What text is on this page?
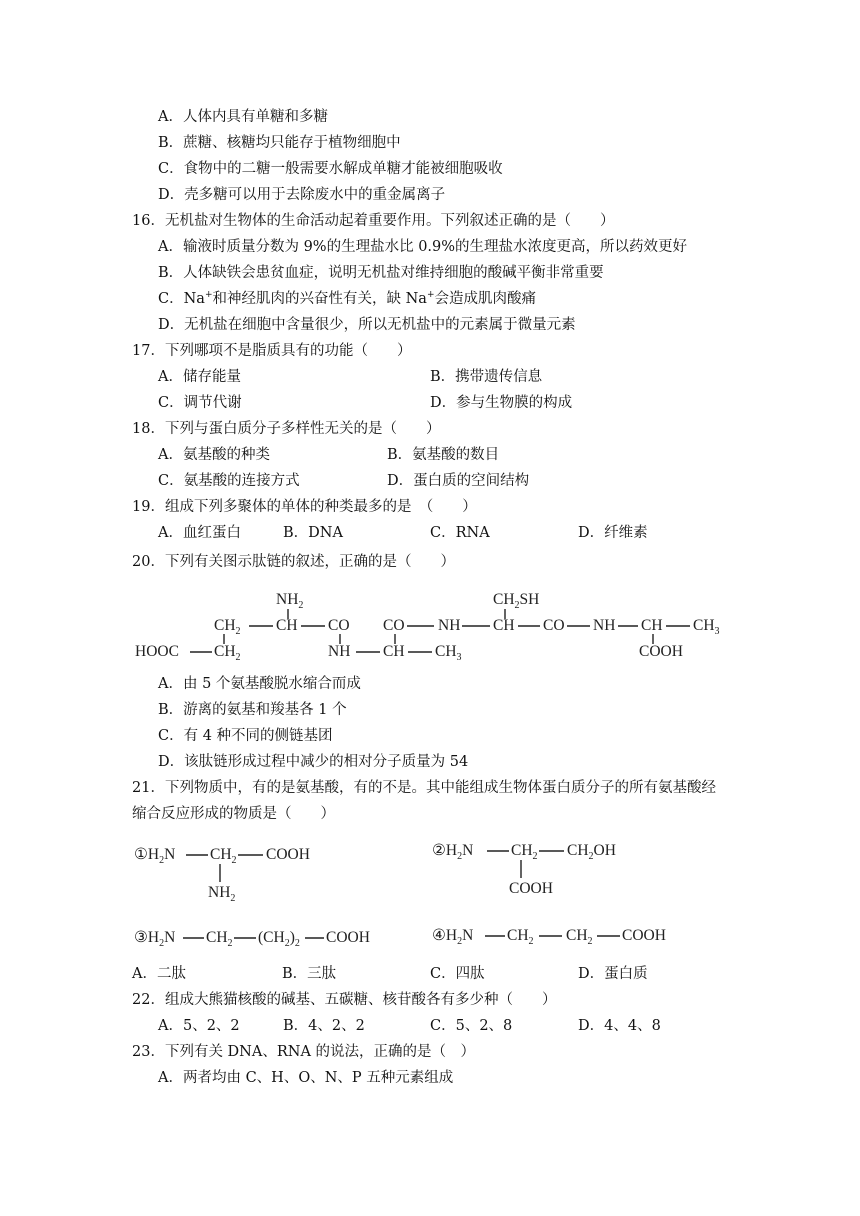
A．人体内具有单糖和多糖
B．蔗糖、核糖均只能存于植物细胞中
C．食物中的二糖一般需要水解成单糖才能被细胞吸收
D．壳多糖可以用于去除废水中的重金属离子
16．无机盐对生物体的生命活动起着重要作用。下列叙述正确的是（　　）
A．输液时质量分数为 9%的生理盐水比 0.9%的生理盐水浓度更高，所以药效更好
B．人体缺铁会患贫血症，说明无机盐对维持细胞的酸碱平衡非常重要
C．Na+和神经肌肉的兴奋性有关，缺 Na+会造成肌肉酸痛
D．无机盐在细胞中含量很少，所以无机盐中的元素属于微量元素
17．下列哪项不是脂质具有的功能（　　）
A．储存能量	B．携带遗传信息
C．调节代谢	D．参与生物膜的构成
18．下列与蛋白质分子多样性无关的是（　　）
A．氨基酸的种类	B．氨基酸的数目
C．氨基酸的连接方式	D．蛋白质的空间结构
19．组成下列多聚体的单体的种类最多的是　（　　）
A．血红蛋白	B．DNA	C．RNA	D．纤维素
20．下列有关图示肽链的叙述，正确的是（　　）
$NH_2$	$CH_2SH$
$CH_2$ CH CO CO NH CH CO NH CH $CH_3$
HOOC $CH_2$	NH CH $CH_3$	COOH
A．由 5 个氨基酸脱水缩合而成
B．游离的氨基和羧基各 1 个
C．有 4 种不同的侧链基团
D．该肽链形成过程中减少的相对分子质量为 54
21．下列物质中，有的是氨基酸，有的不是。其中能组成生物体蛋白质分子的所有氨基酸经
缩合反应形成的物质是（　　）
$①H_2N$ $CH_2$ COOH
$NH_2$
$②H_2N$ $CH_2$ $CH_2OH$
COOH
$③H_2N$ $CH_2$ $(CH_2)_2$ COOH	$④H_2N$ $CH_2$ $CH_2$ COOH
A．二肽	B．三肽	C．四肽	D．蛋白质
22．组成大熊猫核酸的碱基、五碳糖、核苷酸各有多少种（　　）
A．5、2、2	B．4、2、2	C．5、2、8	D．4、4、8
23．下列有关 DNA、RNA 的说法，正确的是（　）
A．两者均由 C、H、O、N、P 五种元素组成
